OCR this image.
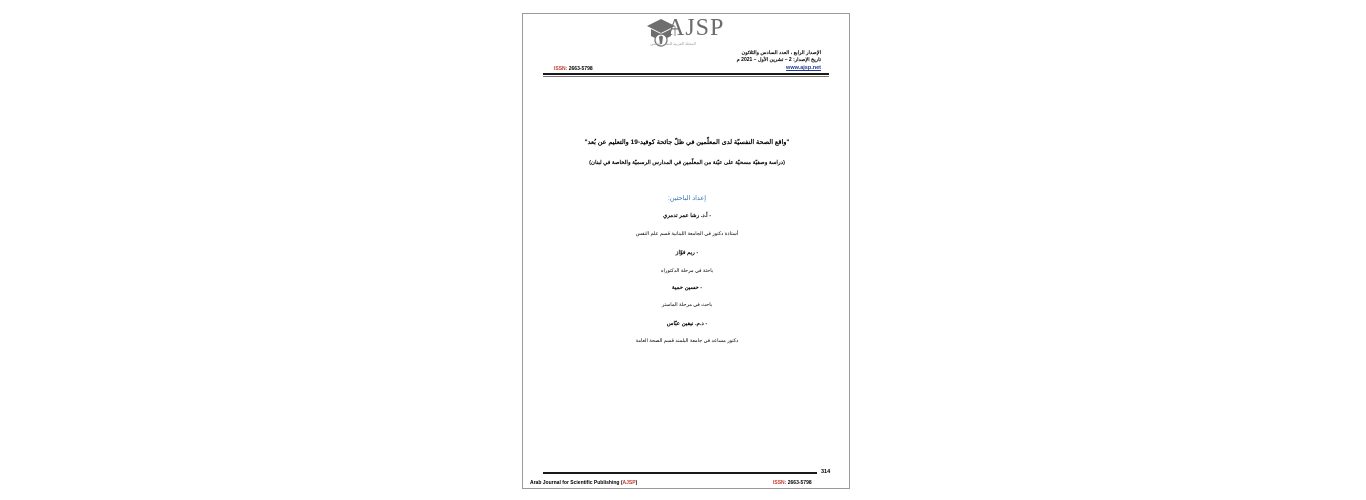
AJSP
المجلة العربية للنشر العلمي
الإصدار الرابع ، العدد السادس والثلاثون
تاريخ الإصدار: 2 – تشرين الأول – 2021 م
www.ajsp.net
ISSN: 2663-5798
"واقع الصحة النفسيّة لدى المعلّمين في ظلّ جائحة كوفيد-19 والتعليم عن بُعد"
(دراسة وصفيّة مسحيّة على عيّنة من المعلّمين في المدارس الرسميّة والخاصة في لبنان)
إعداد الباحثين:
- أ.د. رشا عمر تدمري
أستاذة دكتور في الجامعة اللبنانية قسم علم النفس
- ريم فوّاز
باحثة في مرحلة الدكتوراه
- حسين حمية
باحث في مرحلة الماستر
- د.م. نيفين عبّاس
دكتور مساعد في جامعة البلمند قسم الصحة العامة
314
Arab Journal for Scientific Publishing (AJSP)	ISSN: 2663-5798
